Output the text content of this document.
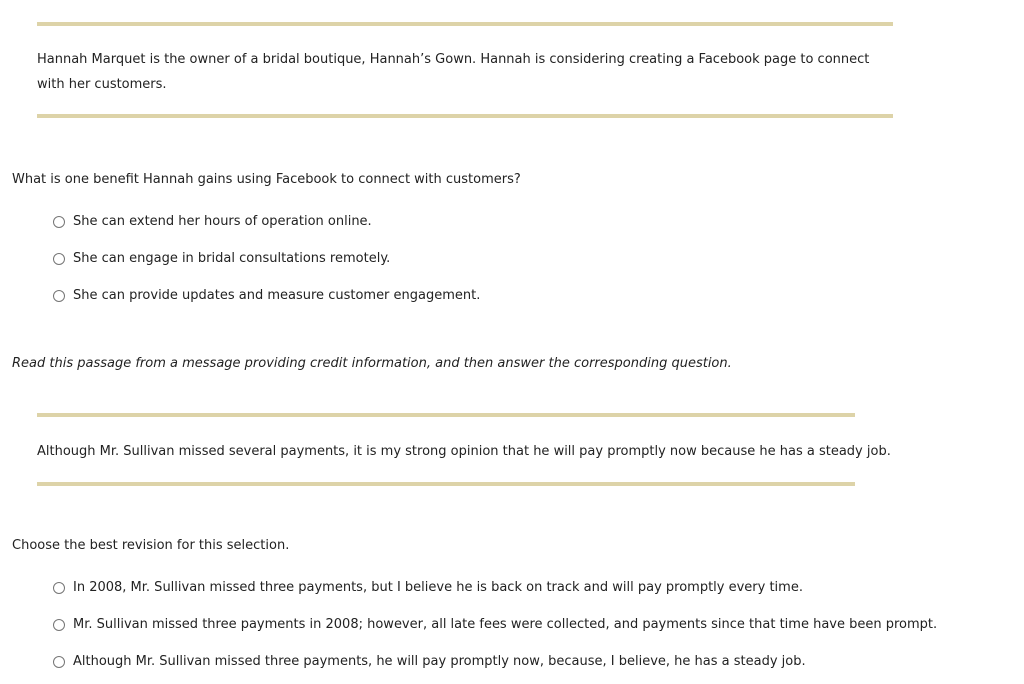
Hannah Marquet is the owner of a bridal boutique, Hannah’s Gown. Hannah is considering creating a Facebook page to connect with her customers.
What is one benefit Hannah gains using Facebook to connect with customers?
She can extend her hours of operation online.
She can engage in bridal consultations remotely.
She can provide updates and measure customer engagement.
Read this passage from a message providing credit information, and then answer the corresponding question.
Although Mr. Sullivan missed several payments, it is my strong opinion that he will pay promptly now because he has a steady job.
Choose the best revision for this selection.
In 2008, Mr. Sullivan missed three payments, but I believe he is back on track and will pay promptly every time.
Mr. Sullivan missed three payments in 2008; however, all late fees were collected, and payments since that time have been prompt.
Although Mr. Sullivan missed three payments, he will pay promptly now, because, I believe, he has a steady job.
